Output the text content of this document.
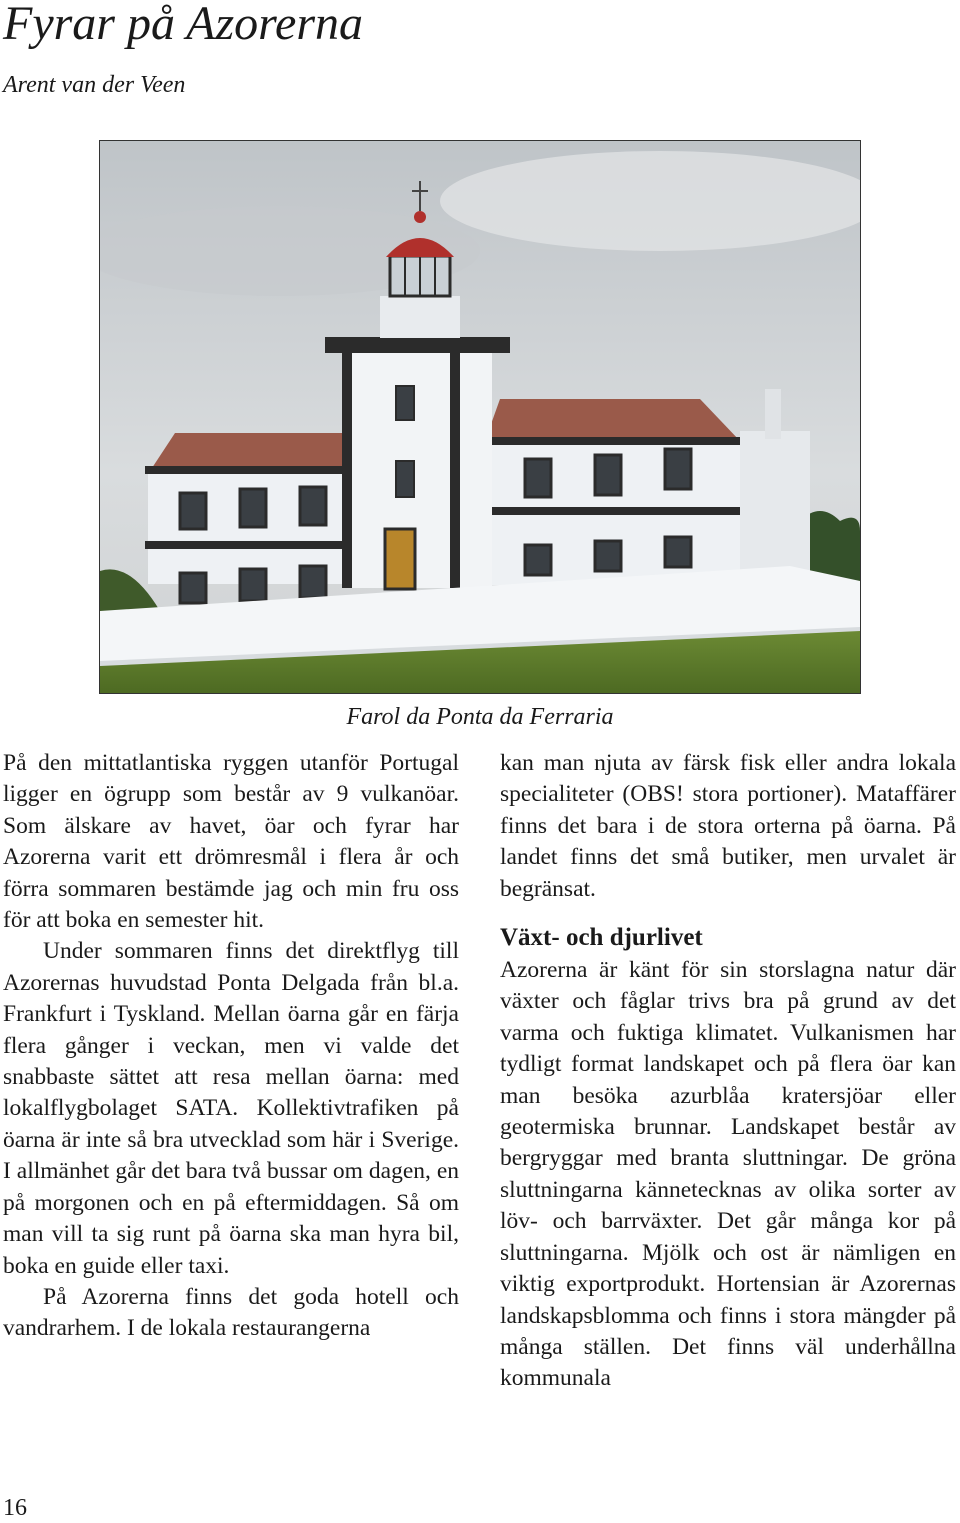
Fyrar på Azorerna
Arent van der Veen
Farol da Ponta da Ferraria

På den mittatlantiska ryggen utanför Portugal ligger en ögrupp som består av 9 vulkanöar. Som älskare av havet, öar och fyrar har Azorerna varit ett drömresmål i flera år och förra sommaren bestämde jag och min fru oss för att boka en semester hit.

Under sommaren finns det direktflyg till Azorernas huvudstad Ponta Delgada från bl.a. Frankfurt i Tyskland. Mellan öarna går en färja flera gånger i veckan, men vi valde det snabbaste sättet att resa mellan öarna: med lokalflygbolaget SATA. Kollektivtrafiken på öarna är inte så bra utvecklad som här i Sverige. I allmänhet går det bara två bussar om dagen, en på morgonen och en på eftermiddagen. Så om man vill ta sig runt på öarna ska man hyra bil, boka en guide eller taxi.

På Azorerna finns det goda hotell och vandrarhem. I de lokala restaurangerna

kan man njuta av färsk fisk eller andra lokala specialiteter (OBS! stora portioner). Mataffärer finns det bara i de stora orterna på öarna. På landet finns det små butiker, men urvalet är begränsat.

Växt- och djurlivet

Azorerna är känt för sin storslagna natur där växter och fåglar trivs bra på grund av det varma och fuktiga klimatet. Vulkanismen har tydligt format landskapet och på flera öar kan man besöka azurblåa kratersjöar eller geotermiska brunnar. Landskapet består av bergryggar med branta sluttningar. De gröna sluttningarna kännetecknas av olika sorter av löv- och barrväxter. Det går många kor på sluttningarna. Mjölk och ost är nämligen en viktig exportprodukt. Hortensian är Azorernas landskapsblomma och finns i stora mängder på många ställen. Det finns väl underhållna kommunala

16
